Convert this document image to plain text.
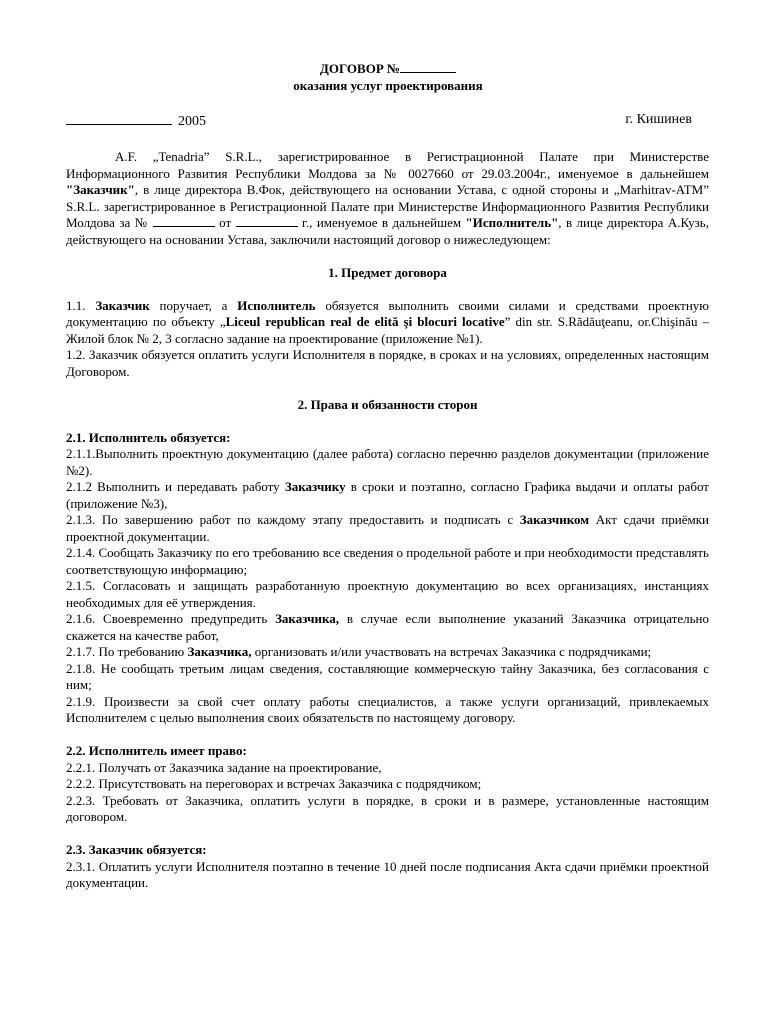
ДОГОВОР №
оказания услуг проектирования
2005	г. Кишинев

A.F. „Tenadria” S.R.L., зарегистрированное в Регистрационной Палате при Министерстве Информационного Развития Республики Молдова за № 0027660 от 29.03.2004г., именуемое в дальнейшем "Заказчик", в лице директора В.Фок, действующего на основании Устава, с одной стороны и „Marhitrav-ATM” S.R.L. зарегистрированное в Регистрационной Палате при Министерстве Информационного Развития Республики Молдова за №	от	г., именуемое в дальнейшем "Исполнитель", в лице директора А.Кузь, действующего на основании Устава, заключили настоящий договор о нижеследующем:

1. Предмет договора

1.1. Заказчик поручает, а Исполнитель обязуется выполнить своими силами и средствами проектную документацию по объекту „Liceul republican real de elită şi blocuri locative” din str. S.Rădăuţeanu, or.Chişinău – Жилой блок № 2, 3 согласно задание на проектирование (приложение №1).

1.2. Заказчик обязуется оплатить услуги Исполнителя в порядке, в сроках и на условиях, определенных настоящим Договором.

2. Права и обязанности сторон

2.1. Исполнитель обязуется:

2.1.1.Выполнить проектную документацию (далее работа) согласно перечню разделов документации (приложение №2).

2.1.2 Выполнить и передавать работу Заказчику в сроки и поэтапно, согласно Графика выдачи и оплаты работ (приложение №3),

2.1.3. По завершению работ по каждому этапу предоставить и подписать с Заказчиком Акт сдачи приёмки проектной документации.

2.1.4. Сообщать Заказчику по его требованию все сведения о продельной работе и при необходимости представлять соответствующую информацию;

2.1.5. Согласовать и защищать разработанную проектную документацию во всех организациях, инстанциях необходимых для её утверждения.

2.1.6. Своевременно предупредить Заказчика, в случае если выполнение указаний Заказчика отрицательно скажется на качестве работ,

2.1.7. По требованию Заказчика, организовать и/или участвовать на встречах Заказчика с подрядчиками;

2.1.8. Не сообщать третьим лицам сведения, составляющие коммерческую тайну Заказчика, без согласования с ним;

2.1.9. Произвести за свой счет оплату работы специалистов, а также услуги организаций, привлекаемых Исполнителем с целью выполнения своих обязательств по настоящему договору.

2.2. Исполнитель имеет право:

2.2.1. Получать от Заказчика задание на проектирование,

2.2.2. Присутствовать на переговорах и встречах Заказчика с подрядчиком;

2.2.3. Требовать от Заказчика, оплатить услуги в порядке, в сроки и в размере, установленные настоящим договором.

2.3. Заказчик обязуется:

2.3.1. Оплатить услуги Исполнителя поэтапно в течение 10 дней после подписания Акта сдачи приёмки проектной документации.
